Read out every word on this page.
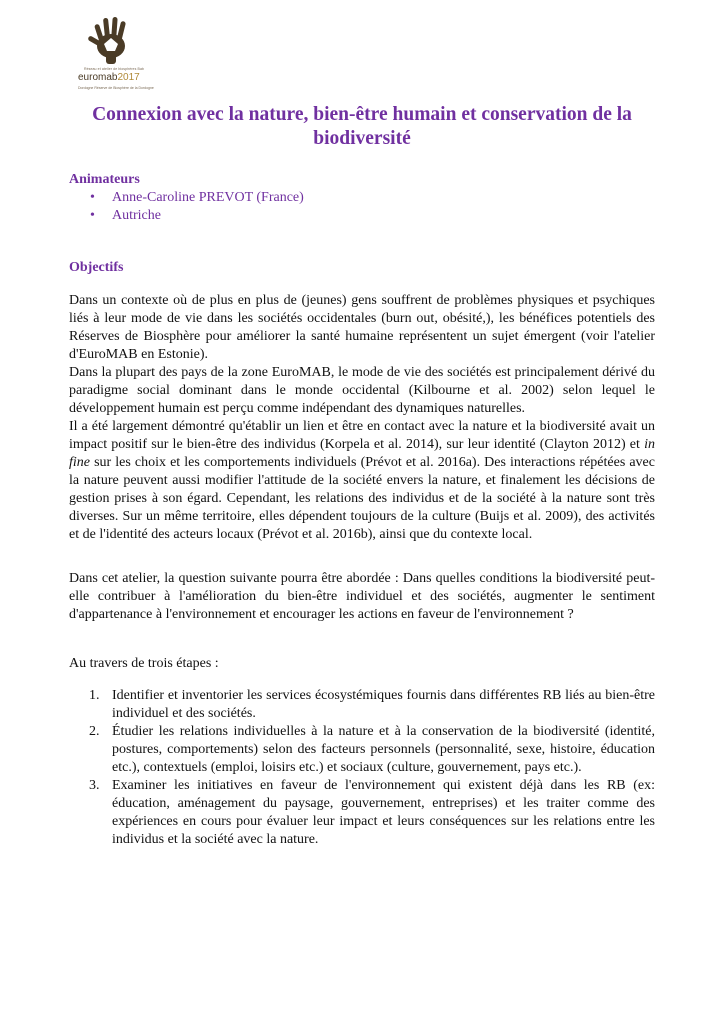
Réseau et atelier de biosphères Bab
euromab2017
Dordogne Réserve de Biosphère de la Dordogne
Connexion avec la nature, bien-être humain et conservation de la biodiversité

Animateurs

• Anne-Caroline PREVOT (France)
• Autriche

Objectifs

Dans un contexte où de plus en plus de (jeunes) gens souffrent de problèmes physiques et psychiques liés à leur mode de vie dans les sociétés occidentales (burn out, obésité,), les bénéfices potentiels des Réserves de Biosphère pour améliorer la santé humaine représentent un sujet émergent (voir l'atelier d'EuroMAB en Estonie).

Dans la plupart des pays de la zone EuroMAB, le mode de vie des sociétés est principalement dérivé du paradigme social dominant dans le monde occidental (Kilbourne et al. 2002) selon lequel le développement humain est perçu comme indépendant des dynamiques naturelles.

Il a été largement démontré qu'établir un lien et être en contact avec la nature et la biodiversité avait un impact positif sur le bien-être des individus (Korpela et al. 2014), sur leur identité (Clayton 2012) et in fine sur les choix et les comportements individuels (Prévot et al. 2016a). Des interactions répétées avec la nature peuvent aussi modifier l'attitude de la société envers la nature, et finalement les décisions de gestion prises à son égard. Cependant, les relations des individus et de la société à la nature sont très diverses. Sur un même territoire, elles dépendent toujours de la culture (Buijs et al. 2009), des activités et de l'identité des acteurs locaux (Prévot et al. 2016b), ainsi que du contexte local.

Dans cet atelier, la question suivante pourra être abordée : Dans quelles conditions la biodiversité peut-elle contribuer à l'amélioration du bien-être individuel et des sociétés, augmenter le sentiment d'appartenance à l'environnement et encourager les actions en faveur de l'environnement ?

Au travers de trois étapes :

1. Identifier et inventorier les services écosystémiques fournis dans différentes RB liés au bien-être individuel et des sociétés.
2. Étudier les relations individuelles à la nature et à la conservation de la biodiversité (identité, postures, comportements) selon des facteurs personnels (personnalité, sexe, histoire, éducation etc.), contextuels (emploi, loisirs etc.) et sociaux (culture, gouvernement, pays etc.).
3. Examiner les initiatives en faveur de l'environnement qui existent déjà dans les RB (ex: éducation, aménagement du paysage, gouvernement, entreprises) et les traiter comme des expériences en cours pour évaluer leur impact et leurs conséquences sur les relations entre les individus et la société avec la nature.
